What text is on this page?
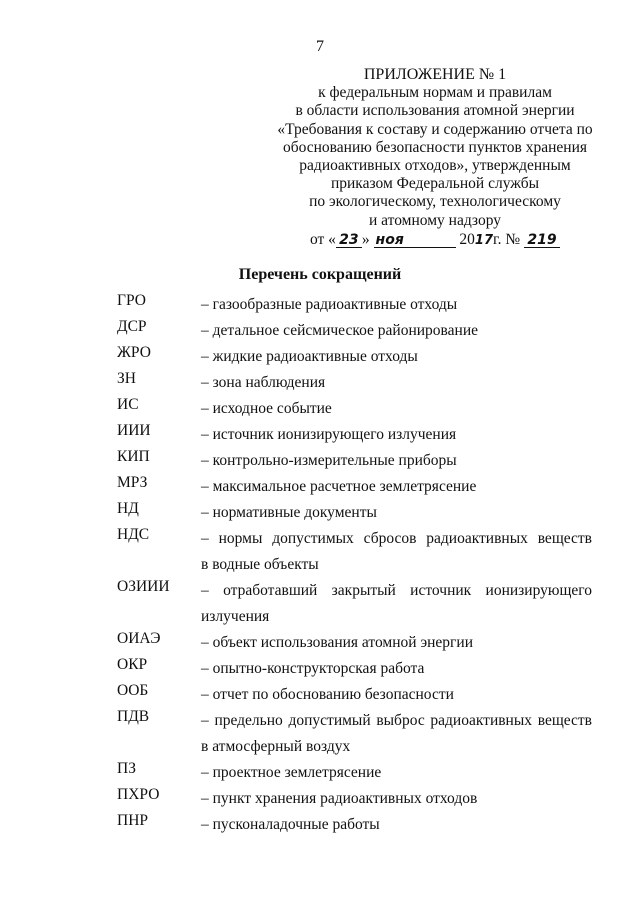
7
ПРИЛОЖЕНИЕ № 1
к федеральным нормам и правилам
в области использования атомной энергии
«Требования к составу и содержанию отчета по
обоснованию безопасности пунктов хранения
радиоактивных отходов», утвержденным
приказом Федеральной службы
по экологическому, технологическому
и атомному надзору
от « 23 » ноя	2017г. № 219
Перечень сокращений
ГРО	– газообразные радиоактивные отходы
ДСР	– детальное сейсмическое районирование
ЖРО	– жидкие радиоактивные отходы
ЗН	– зона наблюдения
ИС	– исходное событие
ИИИ	– источник ионизирующего излучения
КИП	– контрольно-измерительные приборы
МРЗ	– максимальное расчетное землетрясение
НД	– нормативные документы
НДС	– нормы допустимых сбросов радиоактивных веществ
в водные объекты
ОЗИИИ – отработавший закрытый источник ионизирующего
излучения
ОИАЭ	– объект использования атомной энергии
ОКР	– опытно-конструкторская работа
ООБ	– отчет по обоснованию безопасности
ПДВ	– предельно допустимый выброс радиоактивных веществ
в атмосферный воздух
ПЗ	– проектное землетрясение
ПХРО	– пункт хранения радиоактивных отходов
ПНР	– пусконаладочные работы
